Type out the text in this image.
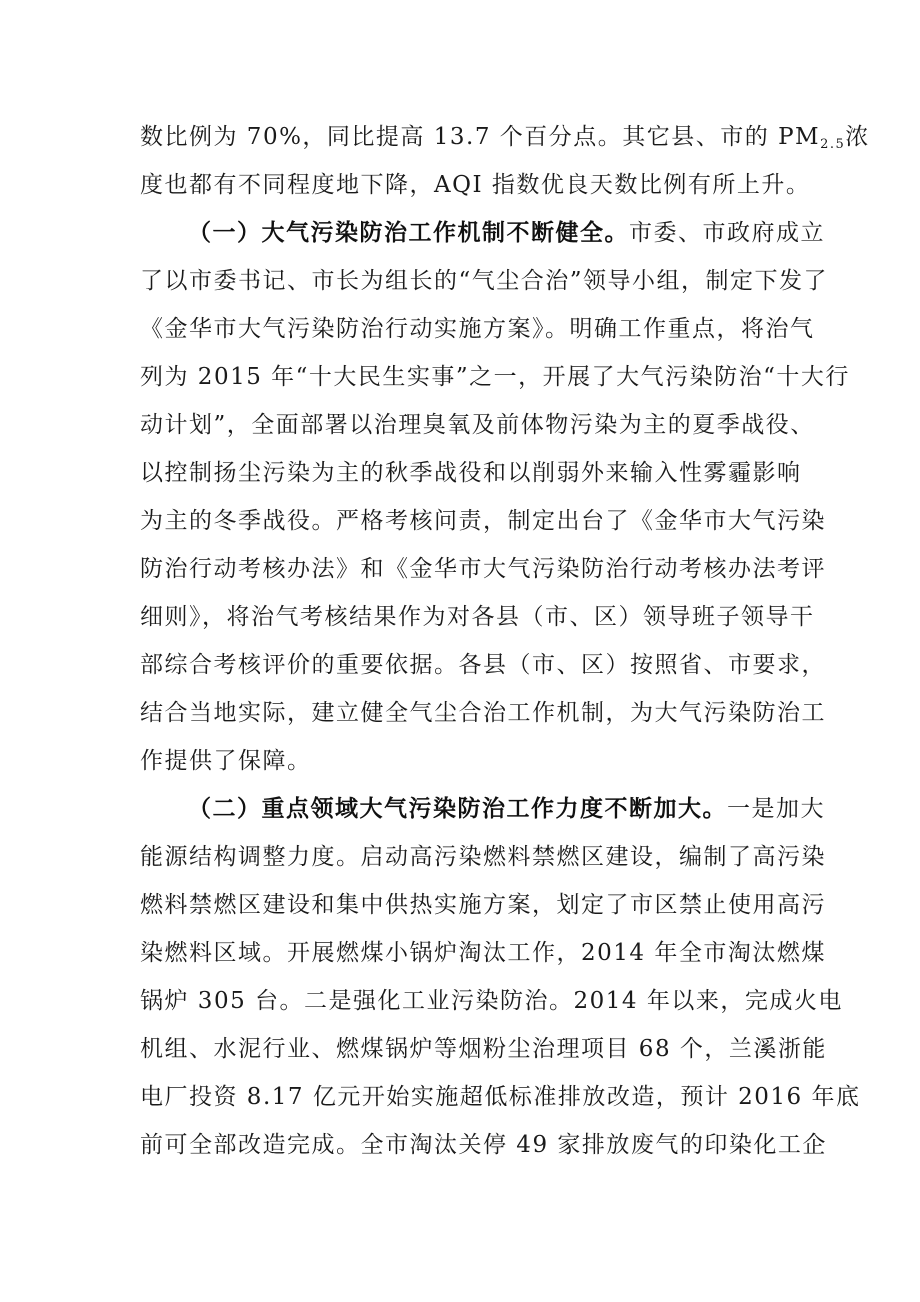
数比例为 70%，同比提高 13.7 个百分点。其它县、市的 $PM_{2.5}$浓
度也都有不同程度地下降，AQI 指数优良天数比例有所上升。
（一）大气污染防治工作机制不断健全。市委、市政府成立
了以市委书记、市长为组长的“气尘合治”领导小组，制定下发了
《金华市大气污染防治行动实施方案》。明确工作重点，将治气
列为 2015 年“十大民生实事”之一，开展了大气污染防治“十大行
动计划”，全面部署以治理臭氧及前体物污染为主的夏季战役、
以控制扬尘污染为主的秋季战役和以削弱外来输入性雾霾影响
为主的冬季战役。严格考核问责，制定出台了《金华市大气污染
防治行动考核办法》和《金华市大气污染防治行动考核办法考评
细则》，将治气考核结果作为对各县（市、区）领导班子领导干
部综合考核评价的重要依据。各县（市、区）按照省、市要求，
结合当地实际，建立健全气尘合治工作机制，为大气污染防治工
作提供了保障。
（二）重点领域大气污染防治工作力度不断加大。一是加大
能源结构调整力度。启动高污染燃料禁燃区建设，编制了高污染
燃料禁燃区建设和集中供热实施方案，划定了市区禁止使用高污
染燃料区域。开展燃煤小锅炉淘汰工作，2014 年全市淘汰燃煤
锅炉 305 台。二是强化工业污染防治。2014 年以来，完成火电
机组、水泥行业、燃煤锅炉等烟粉尘治理项目 68 个，兰溪浙能
电厂投资 8.17 亿元开始实施超低标准排放改造，预计 2016 年底
前可全部改造完成。全市淘汰关停 49 家排放废气的印染化工企
